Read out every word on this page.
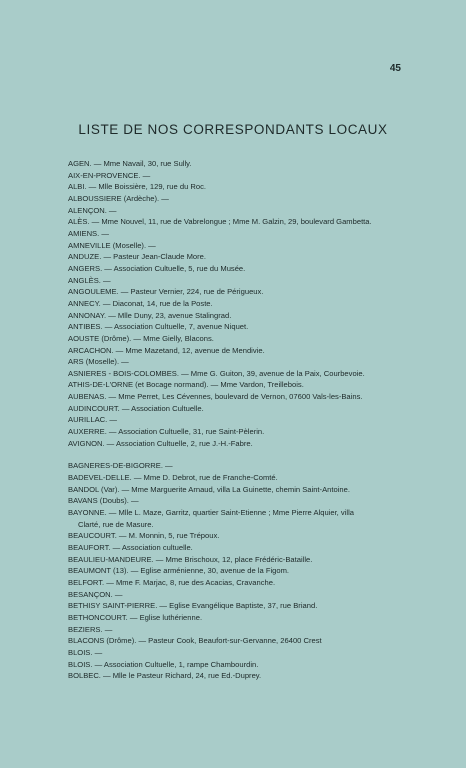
45
LISTE DE NOS CORRESPONDANTS LOCAUX
AGEN. — Mme Navail, 30, rue Sully.
AIX-EN-PROVENCE. —
ALBI. — Mlle Boissière, 129, rue du Roc.
ALBOUSSIERE (Ardèche). —
ALENÇON. —
ALÈS. — Mme Nouvel, 11, rue de Vabrelongue ; Mme M. Galzin, 29, boulevard Gambetta.
AMIENS. —
AMNEVILLE (Moselle). —
ANDUZE. — Pasteur Jean-Claude More.
ANGERS. — Association Cultuelle, 5, rue du Musée.
ANGLÈS. —
ANGOULEME. — Pasteur Vernier, 224, rue de Périgueux.
ANNECY. — Diaconat, 14, rue de la Poste.
ANNONAY. — Mlle Duny, 23, avenue Stalingrad.
ANTIBES. — Association Cultuelle, 7, avenue Niquet.
AOUSTE (Drôme). — Mme Gielly, Blacons.
ARCACHON. — Mme Mazetand, 12, avenue de Mendivie.
ARS (Moselle). —
ASNIERES - BOIS-COLOMBES. — Mme G. Guiton, 39, avenue de la Paix, Courbevoie.
ATHIS-DE-L'ORNE (et Bocage normand). — Mme Vardon, Treillebois.
AUBENAS. — Mme Perret, Les Cévennes, boulevard de Vernon, 07600 Vals-les-Bains.
AUDINCOURT. — Association Cultuelle.
AURILLAC. —
AUXERRE. — Association Cultuelle, 31, rue Saint-Pèlerin.
AVIGNON. — Association Cultuelle, 2, rue J.-H.-Fabre.
BAGNERES-DE-BIGORRE. —
BADEVEL-DELLE. — Mme D. Debrot, rue de Franche-Comté.
BANDOL (Var). — Mme Marguerite Arnaud, villa La Guinette, chemin Saint-Antoine.
BAVANS (Doubs). —
BAYONNE. — Mlle L. Maze, Garritz, quartier Saint-Etienne ; Mme Pierre Alquier, villa
Clarté, rue de Masure.
BEAUCOURT. — M. Monnin, 5, rue Trépoux.
BEAUFORT. — Association cultuelle.
BEAULIEU-MANDEURE. — Mme Brischoux, 12, place Frédéric-Bataille.
BEAUMONT (13). — Eglise arménienne, 30, avenue de la Figom.
BELFORT. — Mme F. Marjac, 8, rue des Acacias, Cravanche.
BESANÇON. —
BETHISY SAINT-PIERRE. — Eglise Evangélique Baptiste, 37, rue Briand.
BETHONCOURT. — Eglise luthérienne.
BEZIERS. —
BLACONS (Drôme). — Pasteur Cook, Beaufort-sur-Gervanne, 26400 Crest
BLOIS. —
BLOIS. — Association Cultuelle, 1, rampe Chambourdin.
BOLBEC. — Mlle le Pasteur Richard, 24, rue Ed.-Duprey.
